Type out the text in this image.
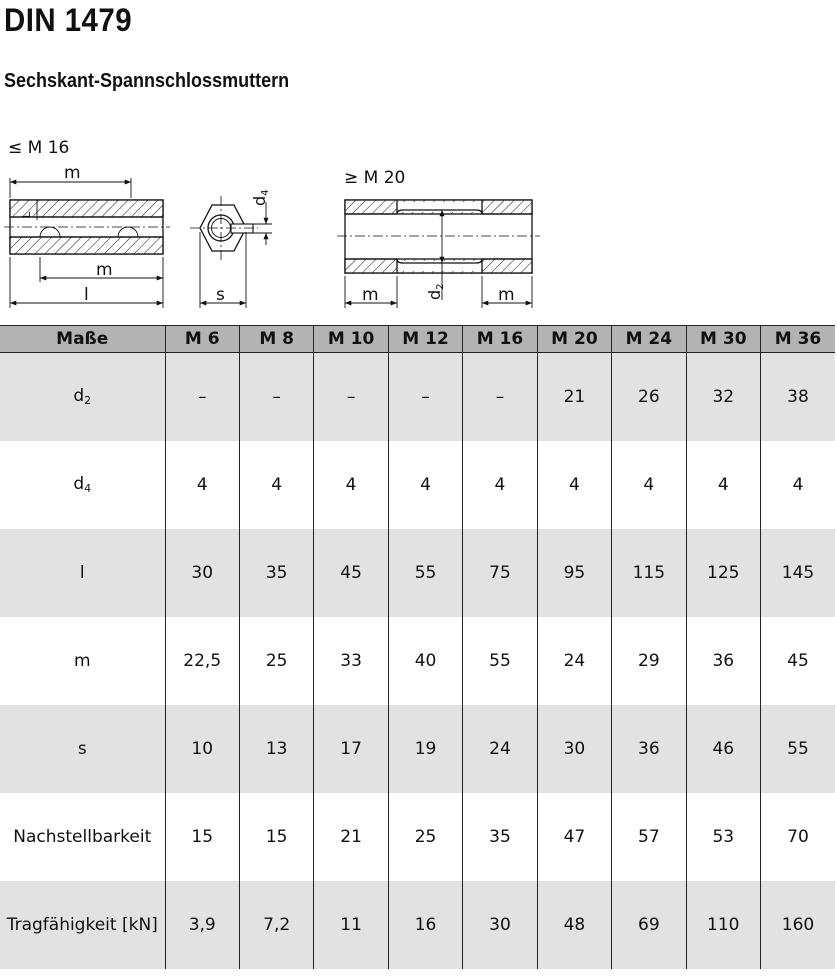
DIN 1479
Sechskant-Spannschlossmuttern
≤ M 16
≥ M 20
m
L
m
l
d4
s	d2
m	m
Maße	M 6	M 8	M 10	M 12	M 16	M 20	M 24	M 30	M 36
$d_2$	–	–	–	–	–	21	26	32	38
$d_4$	4	4	4	4	4	4	4	4	4
l	30	35	45	55	75	95	115	125	145
m	22,5	25	33	40	55	24	29	36	45
s	10	13	17	19	24	30	36	46	55
Nachstellbarkeit	15	15	21	25	35	47	57	53	70
Tragfähigkeit [kN]	3,9	7,2	11	16	30	48	69	110	160
